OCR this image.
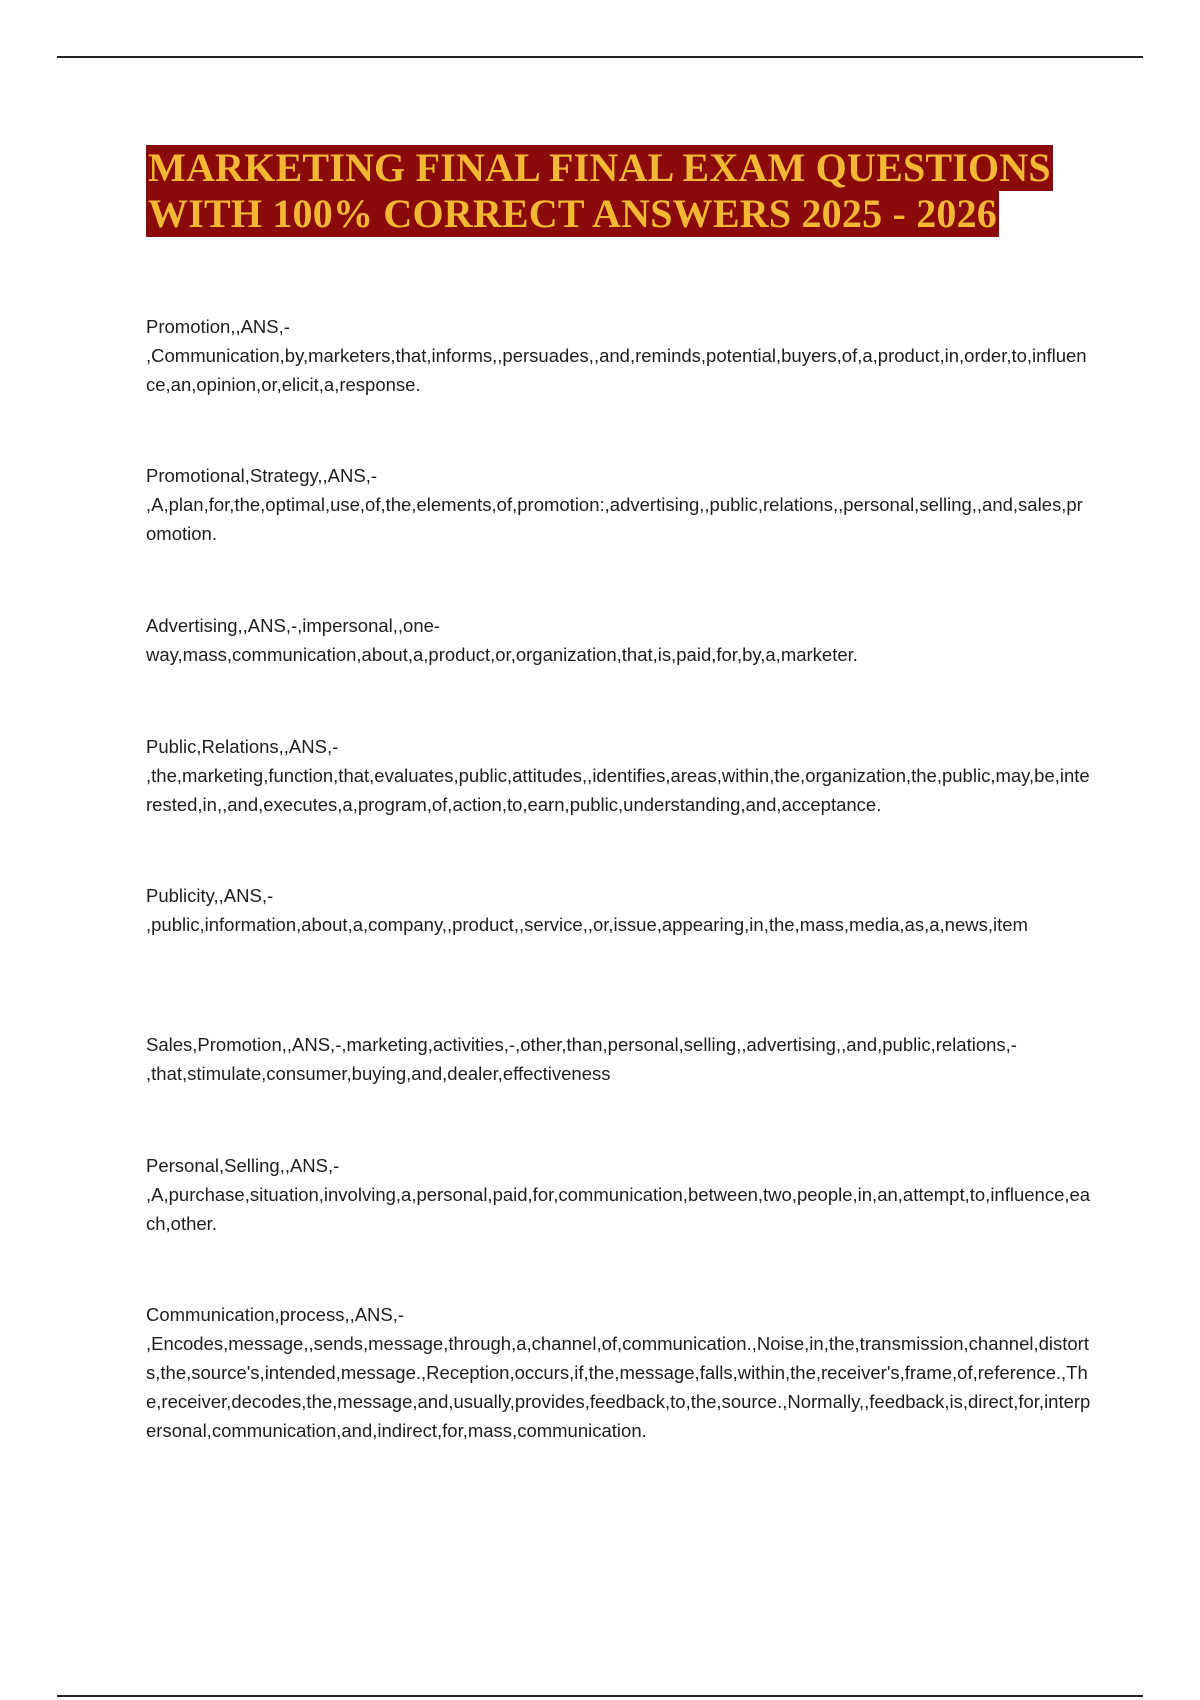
MARKETING FINAL FINAL EXAM QUESTIONS
WITH 100% CORRECT ANSWERS 2025 - 2026
Promotion,,ANS,-
,Communication,by,marketers,that,informs,,persuades,,and,reminds,potential,buyers,of,a,product,in,order,to,influence,an,opinion,or,elicit,a,response.
Promotional,Strategy,,ANS,-
,A,plan,for,the,optimal,use,of,the,elements,of,promotion:,advertising,,public,relations,,personal,selling,,and,sales,promotion.
Advertising,,ANS,-,impersonal,,one-
way,mass,communication,about,a,product,or,organization,that,is,paid,for,by,a,marketer.
Public,Relations,,ANS,-
,the,marketing,function,that,evaluates,public,attitudes,,identifies,areas,within,the,organization,the,public,may,be,interested,in,,and,executes,a,program,of,action,to,earn,public,understanding,and,acceptance.
Publicity,,ANS,-
,public,information,about,a,company,,product,,service,,or,issue,appearing,in,the,mass,media,as,a,news,item
Sales,Promotion,,ANS,-,marketing,activities,-,other,than,personal,selling,,advertising,,and,public,relations,-
,that,stimulate,consumer,buying,and,dealer,effectiveness
Personal,Selling,,ANS,-
,A,purchase,situation,involving,a,personal,paid,for,communication,between,two,people,in,an,attempt,to,influence,each,other.
Communication,process,,ANS,-
,Encodes,message,,sends,message,through,a,channel,of,communication.,Noise,in,the,transmission,channel,distorts,the,source's,intended,message.,Reception,occurs,if,the,message,falls,within,the,receiver's,frame,of,reference.,The,receiver,decodes,the,message,and,usually,provides,feedback,to,the,source.,Normally,,feedback,is,direct,for,interpersonal,communication,and,indirect,for,mass,communication.
